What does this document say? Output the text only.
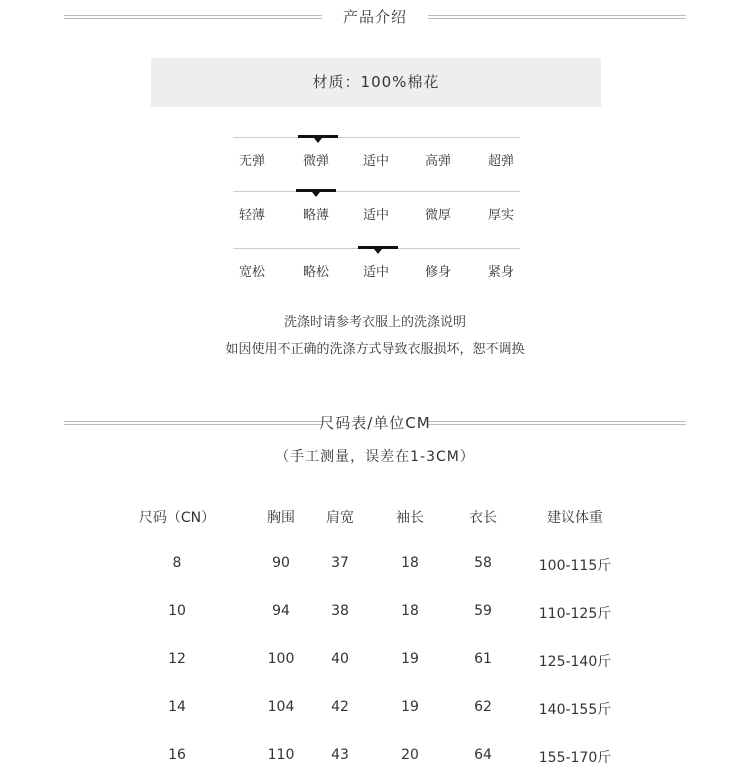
产品介绍
材质：100%棉花
无弹	微弹	适中	高弹	超弹
轻薄	略薄	适中	微厚	厚实
宽松	略松	适中	修身	紧身
洗涤时请参考衣服上的洗涤说明
如因使用不正确的洗涤方式导致衣服损坏，恕不调换
尺码表/单位CM
（手工测量，误差在1-3CM）
尺码（CN）	胸围 肩宽	袖长	衣长	建议体重
8	90	37	18	58	100-115斤
10	94	38	18	59	110-125斤
12	100	40	19	61	125-140斤
14	104	42	19	62	140-155斤
16	110	43	20	64	155-170斤
